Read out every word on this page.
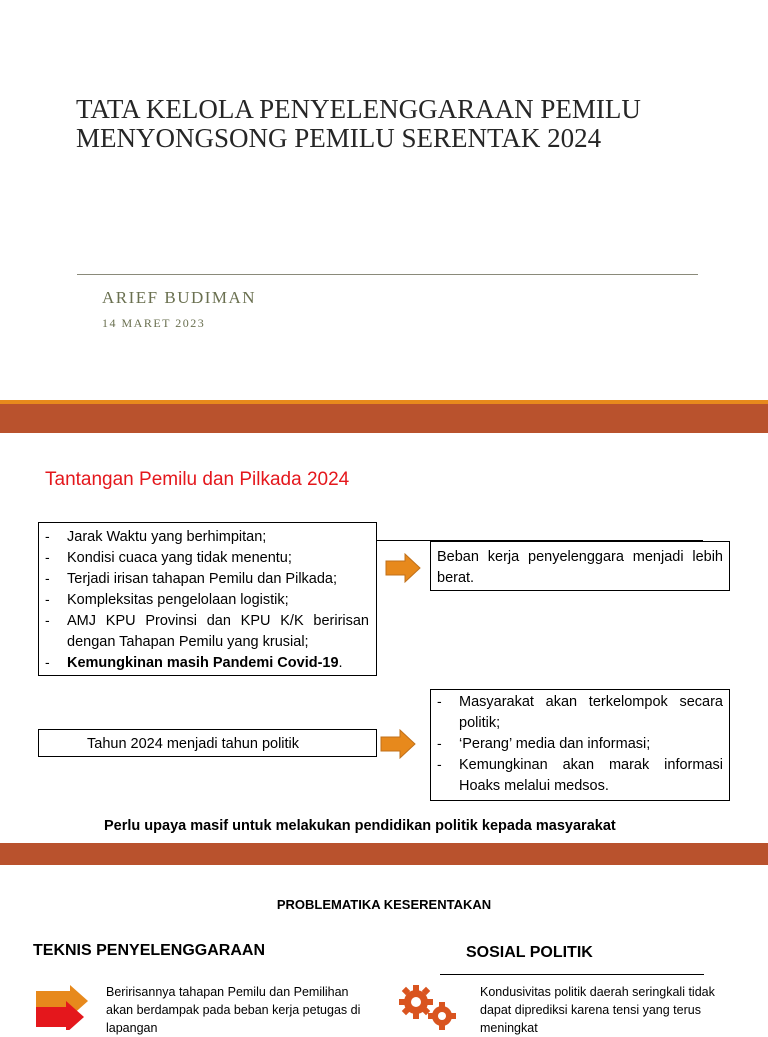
TATA KELOLA PENYELENGGARAAN PEMILU
MENYONGSONG PEMILU SERENTAK 2024
ARIEF BUDIMAN
14 MARET 2023
Tantangan Pemilu dan Pilkada 2024
- Jarak Waktu yang berhimpitan;
- Kondisi cuaca yang tidak menentu;
- Terjadi irisan tahapan Pemilu dan Pilkada;
- Kompleksitas pengelolaan logistik;
- AMJ KPU Provinsi dan KPU K/K beririsan dengan Tahapan Pemilu yang krusial;
- Kemungkinan masih Pandemi Covid-19.
Beban kerja penyelenggara menjadi lebih berat.
Tahun 2024 menjadi tahun politik
- Masyarakat akan terkelompok secara politik;
- ‘Perang’ media dan informasi;
- Kemungkinan akan marak informasi Hoaks melalui medsos.
Perlu upaya masif untuk melakukan pendidikan politik kepada masyarakat
1
PROBLEMATIKA KESERENTAKAN
TEKNIS PENYELENGGARAAN	SOSIAL POLITIK
Beririsannya tahapan Pemilu dan Pemilihan akan berdampak pada beban kerja petugas di lapangan
Kondusivitas politik daerah seringkali tidak dapat diprediksi karena tensi yang terus meningkat
